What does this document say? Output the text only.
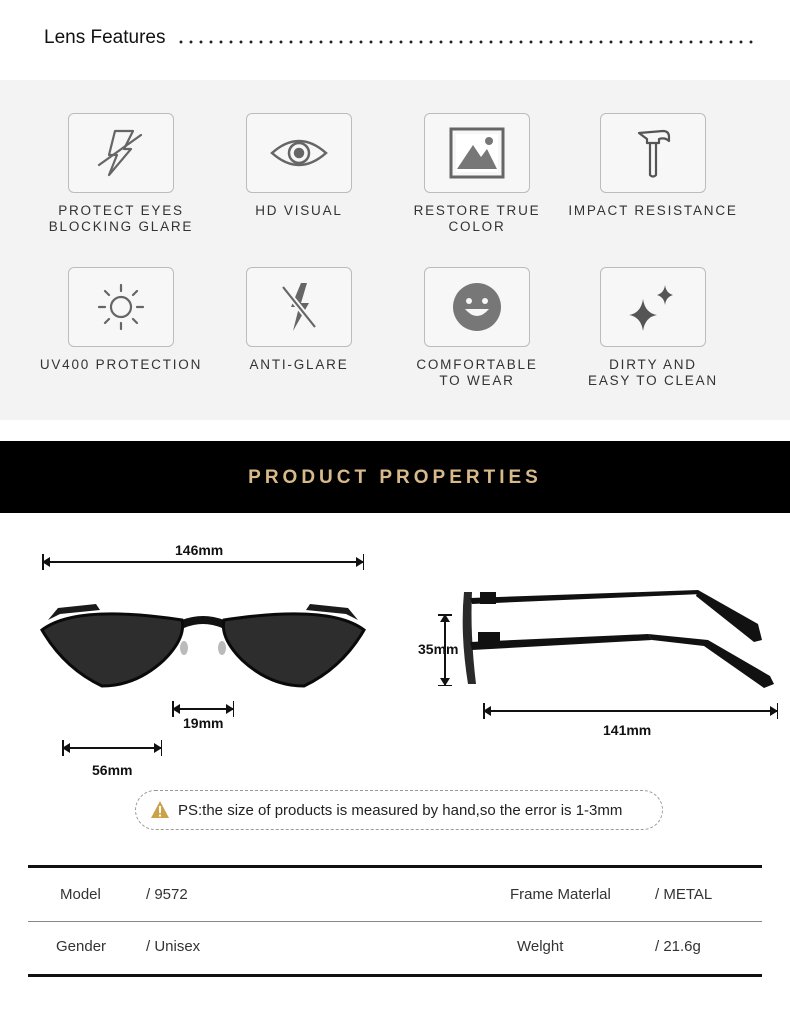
Lens Features
PROTECT EYES
BLOCKING GLARE
HD VISUAL	RESTORE TRUE COLOR
IMPACT RESISTANCE
UV400 PROTECTION	ANTI-GLARE	COMFORTABLE
TO WEAR
DIRTY AND
EASY TO CLEAN
PRODUCT PROPERTIES
146mm
19mm
56mm
35mm
141mm
PS:the size of products is measured by hand,so the error is 1-3mm
Model	/ 9572	Frame Materlal	/ METAL
Gender	/ Unisex	Welght	/ 21.6g
